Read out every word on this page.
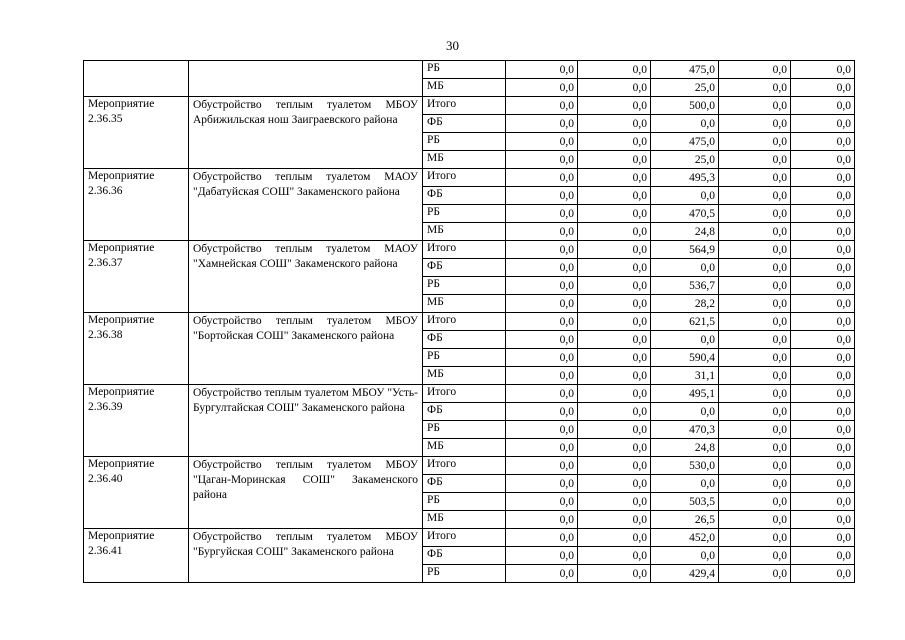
30
		РБ	0,0	0,0	475,0	0,0	0,0
		МБ	0,0	0,0	25,0	0,0	0,0

Мероприятие
2.36.35	Обустройство теплым туалетом МБОУ Арбижильская нош Заиграевского района	Итого	0,0	0,0	500,0	0,0	0,0
		ФБ	0,0	0,0	0,0	0,0	0,0
		РБ	0,0	0,0	475,0	0,0	0,0
		МБ	0,0	0,0	25,0	0,0	0,0

Мероприятие
2.36.36	Обустройство теплым туалетом МАОУ "Дабатуйская СОШ" Закаменского района	Итого	0,0	0,0	495,3	0,0	0,0
		ФБ	0,0	0,0	0,0	0,0	0,0
		РБ	0,0	0,0	470,5	0,0	0,0
		МБ	0,0	0,0	24,8	0,0	0,0

Мероприятие
2.36.37	Обустройство теплым туалетом МАОУ "Хамнейская СОШ" Закаменского района	Итого	0,0	0,0	564,9	0,0	0,0
		ФБ	0,0	0,0	0,0	0,0	0,0
		РБ	0,0	0,0	536,7	0,0	0,0
		МБ	0,0	0,0	28,2	0,0	0,0

Мероприятие
2.36.38	Обустройство теплым туалетом МБОУ "Бортойская СОШ" Закаменского района	Итого	0,0	0,0	621,5	0,0	0,0
		ФБ	0,0	0,0	0,0	0,0	0,0
		РБ	0,0	0,0	590,4	0,0	0,0
		МБ	0,0	0,0	31,1	0,0	0,0

Мероприятие
2.36.39	Обустройство теплым туалетом МБОУ "Усть-Бургултайская СОШ" Закаменского района	Итого	0,0	0,0	495,1	0,0	0,0
		ФБ	0,0	0,0	0,0	0,0	0,0
		РБ	0,0	0,0	470,3	0,0	0,0
		МБ	0,0	0,0	24,8	0,0	0,0

Мероприятие
2.36.40	Обустройство теплым туалетом МБОУ "Цаган-Моринская СОШ" Закаменского района	Итого	0,0	0,0	530,0	0,0	0,0
		ФБ	0,0	0,0	0,0	0,0	0,0
		РБ	0,0	0,0	503,5	0,0	0,0
		МБ	0,0	0,0	26,5	0,0	0,0

Мероприятие
2.36.41	Обустройство теплым туалетом МБОУ "Бургуйская СОШ" Закаменского района	Итого	0,0	0,0	452,0	0,0	0,0
		ФБ	0,0	0,0	0,0	0,0	0,0
		РБ	0,0	0,0	429,4	0,0	0,0
